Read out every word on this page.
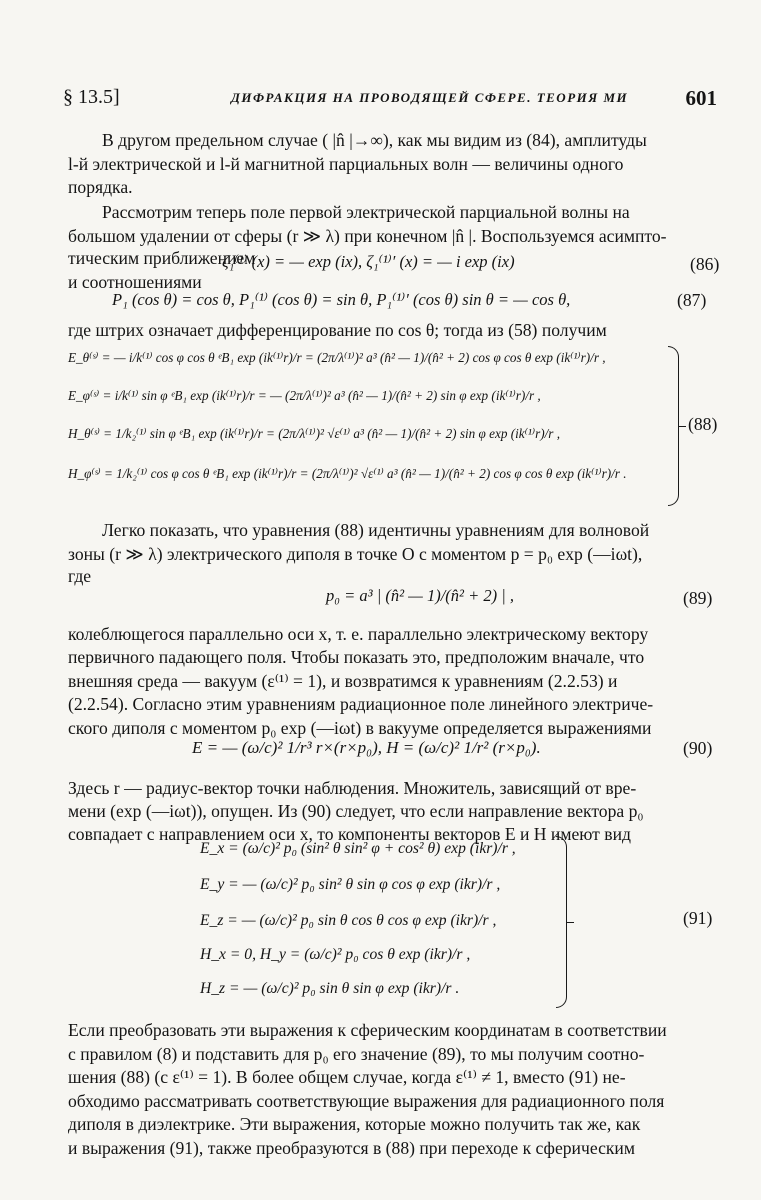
§ 13.5]	ДИФРАКЦИЯ НА ПРОВОДЯЩЕЙ СФЕРЕ. ТЕОРИЯ МИ	601
В другом предельном случае ( |n̂ |→∞), как мы видим из (84), амплитуды
l-й электрической и l-й магнитной парциальных волн — величины одного
порядка.
Рассмотрим теперь поле первой электрической парциальной волны на
большом удалении от сферы (r ≫ λ) при конечном |n̂ |. Воспользуемся асимпто-
тическим приближением
ζ₁⁽¹⁾ (x) = — exp (ix), ζ₁⁽¹⁾′ (x) = — i exp (ix)	(86)
и соотношениями
P₁ (cos θ) = cos θ, P₁⁽¹⁾ (cos θ) = sin θ, P₁⁽¹⁾′ (cos θ) sin θ = — cos θ,	(87)
где штрих означает дифференцирование по cos θ; тогда из (58) получим
E_θ⁽ˢ⁾ = — i/k⁽¹⁾ cos φ cos θ ᵉB₁ exp (ik⁽¹⁾r)/r = (2π/λ⁽¹⁾)² a³ (n̂² — 1)/(n̂² + 2) cos φ cos θ exp (ik⁽¹⁾r)/r ,
E_φ⁽ˢ⁾ = i/k⁽¹⁾ sin φ ᵉB₁ exp (ik⁽¹⁾r)/r = — (2π/λ⁽¹⁾)² a³ (n̂² — 1)/(n̂² + 2) sin φ exp (ik⁽¹⁾r)/r ,
H_θ⁽ˢ⁾ = 1/k₂⁽¹⁾ sin φ ᵉB₁ exp (ik⁽¹⁾r)/r = (2π/λ⁽¹⁾)² √ε⁽¹⁾ a³ (n̂² — 1)/(n̂² + 2) sin φ exp (ik⁽¹⁾r)/r ,
H_φ⁽ˢ⁾ = 1/k₂⁽¹⁾ cos φ cos θ ᵉB₁ exp (ik⁽¹⁾r)/r = (2π/λ⁽¹⁾)² √ε⁽¹⁾ a³ (n̂² — 1)/(n̂² + 2) cos φ cos θ exp (ik⁽¹⁾r)/r .
(88)
Легко показать, что уравнения (88) идентичны уравнениям для волновой
зоны (r ≫ λ) электрического диполя в точке O с моментом p = p₀ exp (—iωt),
где
p₀ = a³ | (n̂² — 1)/(n̂² + 2) | ,	(89)
колеблющегося параллельно оси x, т. е. параллельно электрическому вектору
первичного падающего поля. Чтобы показать это, предположим вначале, что
внешняя среда — вакуум (ε⁽¹⁾ = 1), и возвратимся к уравнениям (2.2.53) и
(2.2.54). Согласно этим уравнениям радиационное поле линейного электриче-
ского диполя с моментом p₀ exp (—iωt) в вакууме определяется выражениями
E = — (ω/c)² 1/r³ r×(r×p₀), H = (ω/c)² 1/r² (r×p₀).	(90)
Здесь r — радиус-вектор точки наблюдения. Множитель, зависящий от вре-
мени (exp (—iωt)), опущен. Из (90) следует, что если направление вектора p₀
совпадает с направлением оси x, то компоненты векторов E и H имеют вид
E_x = (ω/c)² p₀ (sin² θ sin² φ + cos² θ) exp (ikr)/r ,
E_y = — (ω/c)² p₀ sin² θ sin φ cos φ exp (ikr)/r ,
E_z = — (ω/c)² p₀ sin θ cos θ cos φ exp (ikr)/r ,
H_x = 0, H_y = (ω/c)² p₀ cos θ exp (ikr)/r ,
H_z = — (ω/c)² p₀ sin θ sin φ exp (ikr)/r .
(91)
Если преобразовать эти выражения к сферическим координатам в соответствии
с правилом (8) и подставить для p₀ его значение (89), то мы получим соотно-
шения (88) (с ε⁽¹⁾ = 1). В более общем случае, когда ε⁽¹⁾ ≠ 1, вместо (91) не-
обходимо рассматривать соответствующие выражения для радиационного поля
диполя в диэлектрике. Эти выражения, которые можно получить так же, как
и выражения (91), также преобразуются в (88) при переходе к сферическим
